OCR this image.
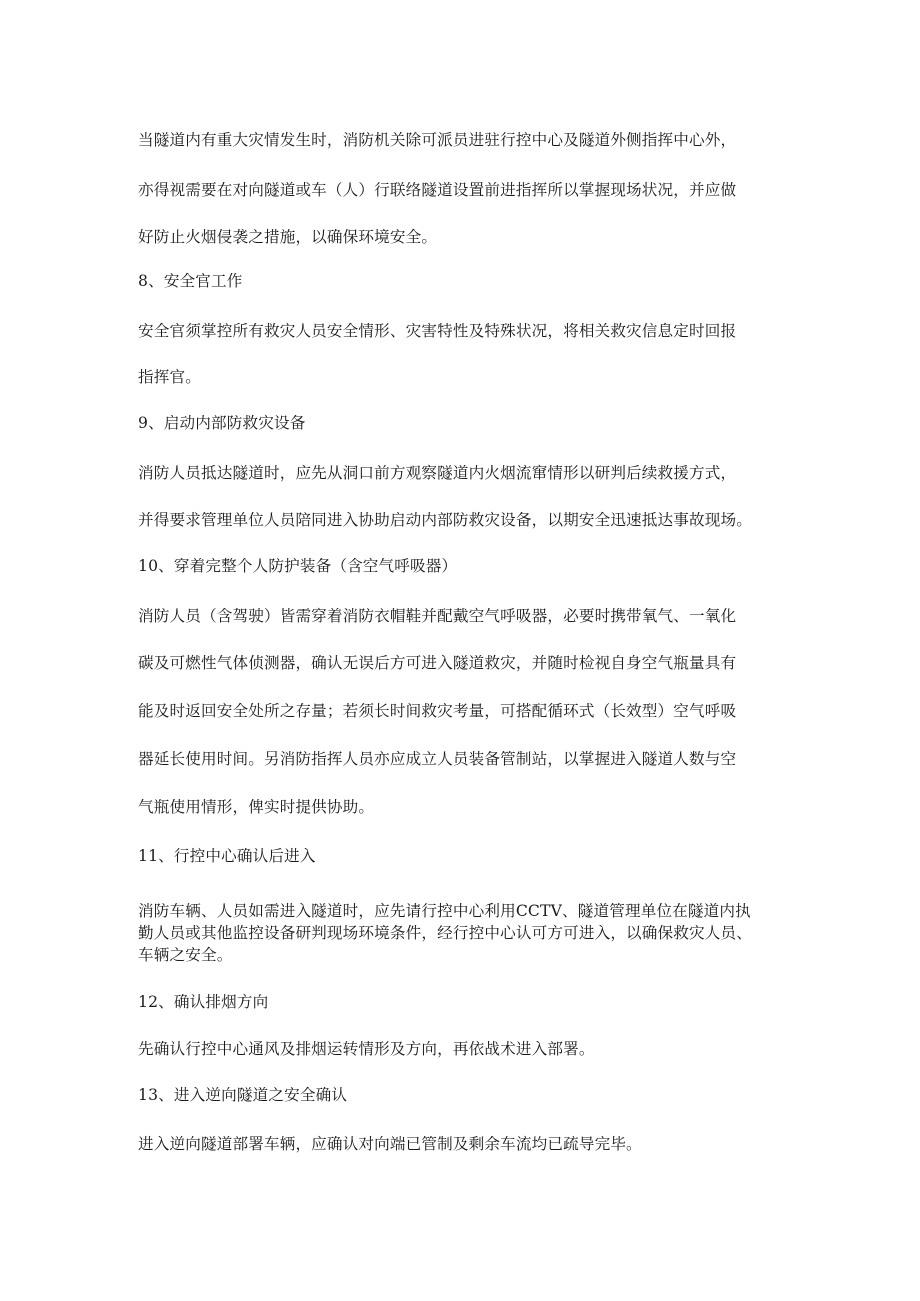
当隧道内有重大灾情发生时，消防机关除可派员进驻行控中心及隧道外侧指挥中心外，
亦得视需要在对向隧道或车（人）行联络隧道设置前进指挥所以掌握现场状况，并应做
好防止火烟侵袭之措施，以确保环境安全。
8、安全官工作
安全官须掌控所有救灾人员安全情形、灾害特性及特殊状况，将相关救灾信息定时回报
指挥官。
9、启动内部防救灾设备
消防人员抵达隧道时，应先从洞口前方观察隧道内火烟流窜情形以研判后续救援方式，
并得要求管理单位人员陪同进入协助启动内部防救灾设备，以期安全迅速抵达事故现场。
10、穿着完整个人防护装备（含空气呼吸器）
消防人员（含驾驶）皆需穿着消防衣帽鞋并配戴空气呼吸器，必要时携带氧气、一氧化
碳及可燃性气体侦测器，确认无误后方可进入隧道救灾，并随时检视自身空气瓶量具有
能及时返回安全处所之存量；若须长时间救灾考量，可搭配循环式（长效型）空气呼吸
器延长使用时间。另消防指挥人员亦应成立人员装备管制站，以掌握进入隧道人数与空
气瓶使用情形，俾实时提供协助。
11、行控中心确认后进入
消防车辆、人员如需进入隧道时，应先请行控中心利用CCTV、隧道管理单位在隧道内执
勤人员或其他监控设备研判现场环境条件，经行控中心认可方可进入，以确保救灾人员、
车辆之安全。
12、确认排烟方向
先确认行控中心通风及排烟运转情形及方向，再依战术进入部署。
13、进入逆向隧道之安全确认
进入逆向隧道部署车辆，应确认对向端已管制及剩余车流均已疏导完毕。
